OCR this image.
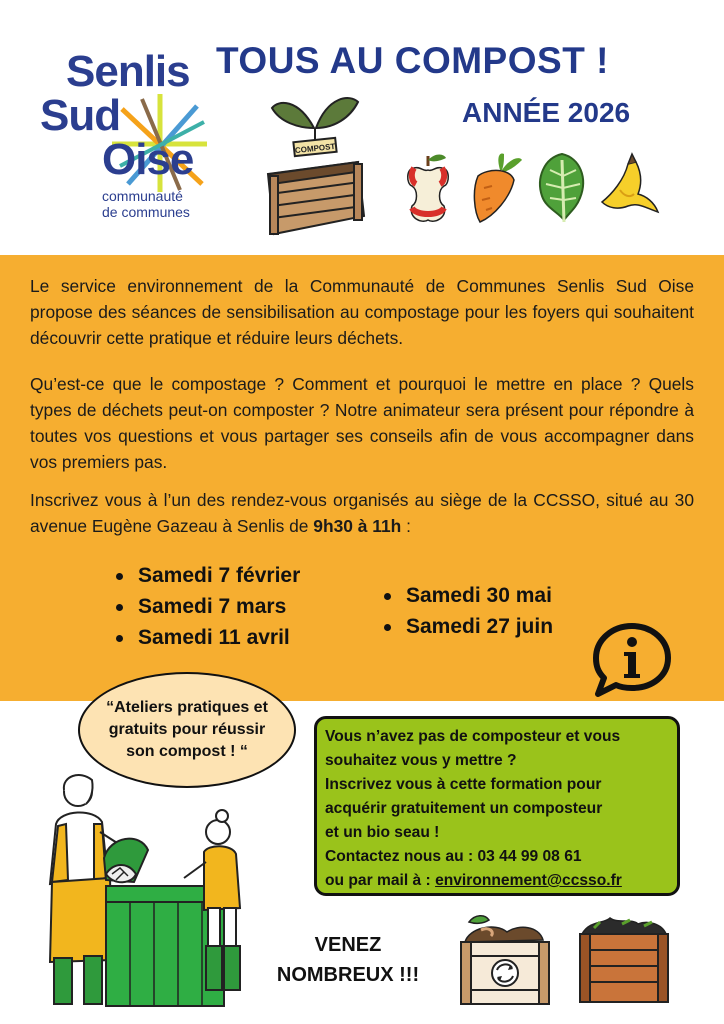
Senlis
Sud
Oise
communauté
de communes
TOUS AU COMPOST !
ANNÉE 2026
COMPOST

Le service environnement de la Communauté de Communes Senlis Sud Oise propose des séances de sensibilisation au compostage pour les foyers qui souhaitent découvrir cette pratique et réduire leurs déchets.

Qu’est-ce que le compostage ? Comment et pourquoi le mettre en place ? Quels types de déchets peut-on composter ? Notre animateur sera présent pour répondre à toutes vos questions et vous partager ses conseils afin de vous accompagner dans vos premiers pas.

Inscrivez vous à l’un des rendez-vous organisés au siège de la CCSSO, situé au 30 avenue Eugène Gazeau à Senlis de 9h30 à 11h :

Samedi 7 février
Samedi 7 mars
Samedi 11 avril
Samedi 30 mai
Samedi 27 juin
“Ateliers pratiques et
gratuits pour réussir
son compost ! “

Vous n’avez pas de composteur et vous

souhaitez vous y mettre ?

Inscrivez vous à cette formation pour

acquérir gratuitement un composteur

et un bio seau !

Contactez nous au : 03 44 99 08 61

ou par mail à : environnement@ccsso.fr

VENEZ
NOMBREUX !!!
